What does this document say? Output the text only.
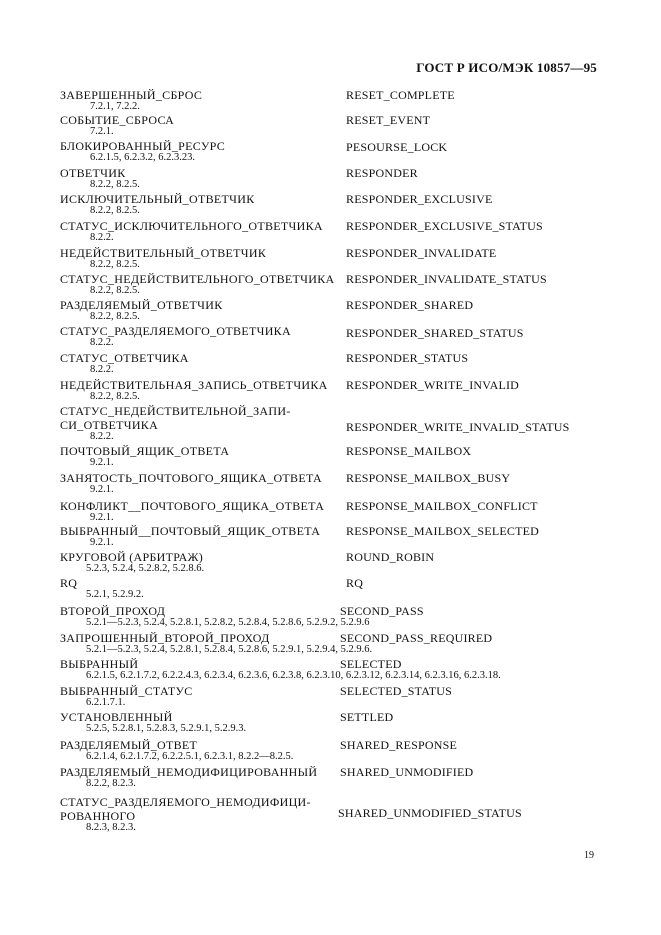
ГОСТ Р ИСО/МЭК 10857—95
ЗАВЕРШЕННЫЙ_СБРОС	RESET_COMPLETE
7.2.1, 7.2.2.
СОБЫТИЕ_СБРОСА	RESET_EVENT
7.2.1.
БЛОКИРОВАННЫЙ_РЕСУРС	PESOURSE_LOCK
6.2.1.5, 6.2.3.2, 6.2.3.23.
ОТВЕТЧИК	RESPONDER
8.2.2, 8.2.5.
ИСКЛЮЧИТЕЛЬНЫЙ_ОТВЕТЧИК	RESPONDER_EXCLUSIVE
8.2.2, 8.2.5.
СТАТУС_ИСКЛЮЧИТЕЛЬНОГО_ОТВЕТЧИКА RESPONDER_EXCLUSIVE_STATUS
8.2.2.
НЕДЕЙСТВИТЕЛЬНЫЙ_ОТВЕТЧИК	RESPONDER_INVALIDATE
8.2.2, 8.2.5.
СТАТУС_НЕДЕЙСТВИТЕЛЬНОГО_ОТВЕТЧИКА RESPONDER_INVALIDATE_STATUS
8.2.2, 8.2.5.
РАЗДЕЛЯЕМЫЙ_ОТВЕТЧИК	RESPONDER_SHARED
8.2.2, 8.2.5.
СТАТУС_РАЗДЕЛЯЕМОГО_ОТВЕТЧИКА	RESPONDER_SHARED_STATUS
8.2.2.
СТАТУС_ОТВЕТЧИКА	RESPONDER_STATUS
8.2.2.
НЕДЕЙСТВИТЕЛЬНАЯ_ЗАПИСЬ_ОТВЕТЧИКА RESPONDER_WRITE_INVALID
8.2.2, 8.2.5.
СТАТУС_НЕДЕЙСТВИТЕЛЬНОЙ_ЗАПИ-
СИ_ОТВЕТЧИКА	RESPONDER_WRITE_INVALID_STATUS
8.2.2.
ПОЧТОВЫЙ_ЯЩИК_ОТВЕТА	RESPONSE_MAILBOX
9.2.1.
ЗАНЯТОСТЬ_ПОЧТОВОГО_ЯЩИКА_ОТВЕТА RESPONSE_MAILBOX_BUSY
9.2.1.
КОНФЛИКТ__ПОЧТОВОГО_ЯЩИКА_ОТВЕТА RESPONSE_MAILBOX_CONFLICT
9.2.1.
ВЫБРАННЫЙ__ПОЧТОВЫЙ_ЯЩИК_ОТВЕТА RESPONSE_MAILBOX_SELECTED
9.2.1.
КРУГОВОЙ (АРБИТРАЖ)	ROUND_ROBIN
5.2.3, 5.2.4, 5.2.8.2, 5.2.8.6.
RQ	RQ
5.2.1, 5.2.9.2.
ВТОРОЙ_ПРОХОД	SECOND_PASS
5.2.1—5.2.3, 5.2.4, 5.2.8.1, 5.2.8.2, 5.2.8.4, 5.2.8.6, 5.2.9.2, 5.2.9.6
ЗАПРОШЕННЫЙ_ВТОРОЙ_ПРОХОД	SECOND_PASS_REQUIRED
5.2.1—5.2.3, 5.2.4, 5.2.8.1, 5.2.8.4, 5.2.8.6, 5.2.9.1, 5.2.9.4, 5.2.9.6.
ВЫБРАННЫЙ	SELECTED
6.2.1.5, 6.2.1.7.2, 6.2.2.4.3, 6.2.3.4, 6.2.3.6, 6.2.3.8, 6.2.3.10, 6.2.3.12, 6.2.3.14, 6.2.3.16, 6.2.3.18.
ВЫБРАННЫЙ_СТАТУС	SELECTED_STATUS
6.2.1.7.1.
УСТАНОВЛЕННЫЙ	SETTLED
5.2.5, 5.2.8.1, 5.2.8.3, 5.2.9.1, 5.2.9.3.
РАЗДЕЛЯЕМЫЙ_ОТВЕТ	SHARED_RESPONSE
6.2.1.4, 6.2.1.7.2, 6.2.2.5.1, 6.2.3.1, 8.2.2—8.2.5.
РАЗДЕЛЯЕМЫЙ_НЕМОДИФИЦИРОВАННЫЙ SHARED_UNMODIFIED
8.2.2, 8.2.3.
СТАТУС_РАЗДЕЛЯЕМОГО_НЕМОДИФИЦИ-
РОВАННОГО	SHARED_UNMODIFIED_STATUS
8.2.3, 8.2.3.
19
